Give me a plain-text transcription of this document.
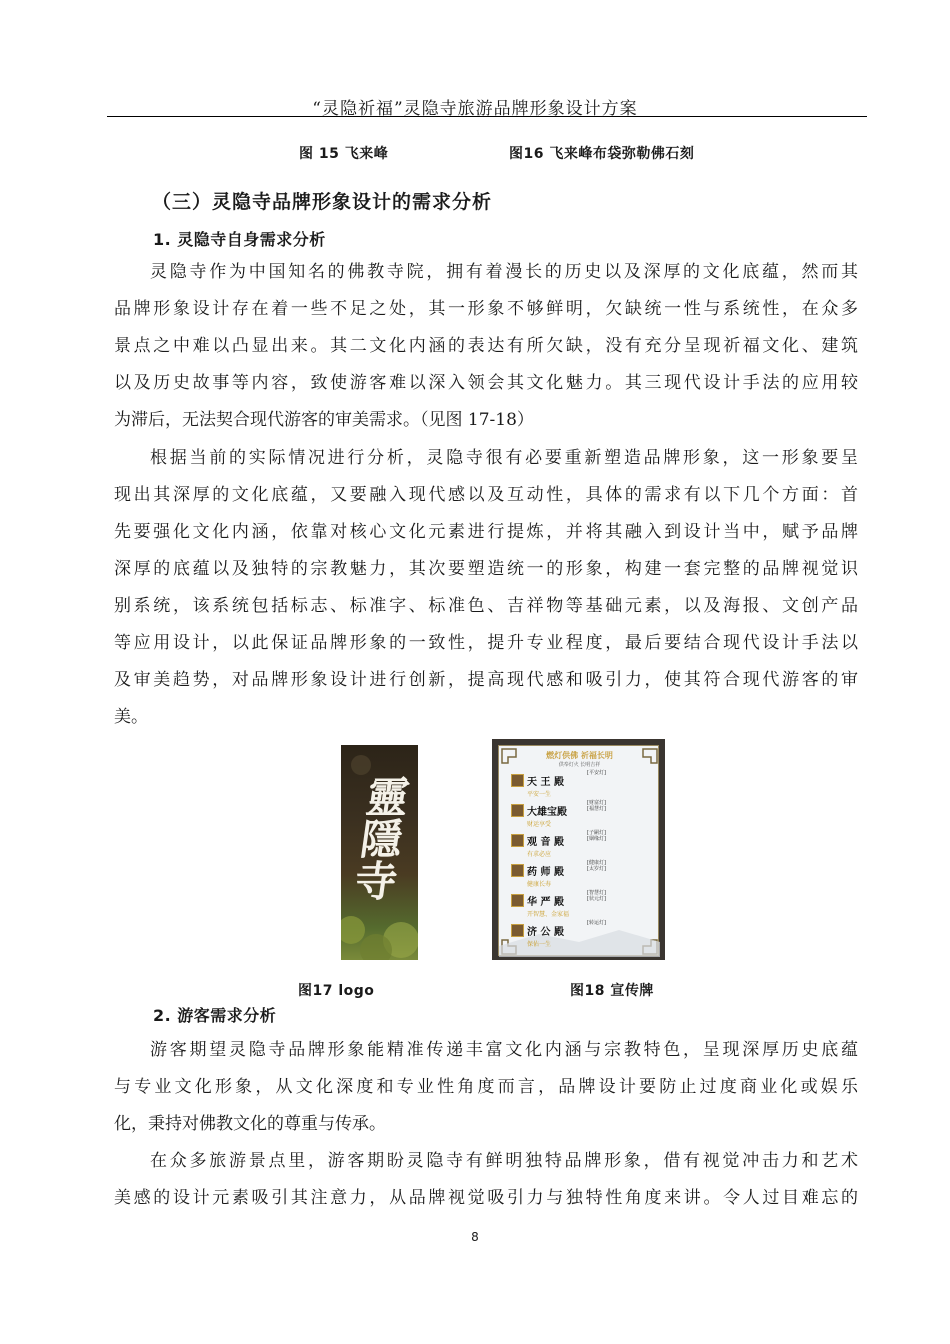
“灵隐祈福”灵隐寺旅游品牌形象设计方案
图 15 飞来峰	图16 飞来峰布袋弥勒佛石刻
（三）灵隐寺品牌形象设计的需求分析
1. 灵隐寺自身需求分析
灵隐寺作为中国知名的佛教寺院，拥有着漫长的历史以及深厚的文化底蕴，然而其
品牌形象设计存在着一些不足之处，其一形象不够鲜明，欠缺统一性与系统性，在众多
景点之中难以凸显出来。其二文化内涵的表达有所欠缺，没有充分呈现祈福文化、建筑
以及历史故事等内容，致使游客难以深入领会其文化魅力。其三现代设计手法的应用较
为滞后，无法契合现代游客的审美需求。（见图 17-18）
根据当前的实际情况进行分析，灵隐寺很有必要重新塑造品牌形象，这一形象要呈
现出其深厚的文化底蕴，又要融入现代感以及互动性，具体的需求有以下几个方面：首
先要强化文化内涵，依靠对核心文化元素进行提炼，并将其融入到设计当中，赋予品牌
深厚的底蕴以及独特的宗教魅力，其次要塑造统一的形象，构建一套完整的品牌视觉识
别系统，该系统包括标志、标准字、标准色、吉祥物等基础元素，以及海报、文创产品
等应用设计，以此保证品牌形象的一致性，提升专业程度，最后要结合现代设计手法以
及审美趋势，对品牌形象设计进行创新，提高现代感和吸引力，使其符合现代游客的审
美。
靈隱寺
燃灯供佛 祈福长明
供奉灯火 长明吉祥
天 王 殿
[平安灯]
平安一生
大雄宝殿
[财富灯]
[福慧灯]
财运享受
观 音 殿
[子嗣灯]
[姻缘灯]
有求必应
药 师 殿
[健康灯]
[太岁灯]
健康长寿
华 严 殿
[智慧灯]
[状元灯]
开智慧、金家福
济 公 殿
[转运灯]
保佑一生
图17 logo	图18 宣传牌
2. 游客需求分析
游客期望灵隐寺品牌形象能精准传递丰富文化内涵与宗教特色，呈现深厚历史底蕴
与专业文化形象，从文化深度和专业性角度而言，品牌设计要防止过度商业化或娱乐
化，秉持对佛教文化的尊重与传承。
在众多旅游景点里，游客期盼灵隐寺有鲜明独特品牌形象，借有视觉冲击力和艺术
美感的设计元素吸引其注意力，从品牌视觉吸引力与独特性角度来讲。令人过目难忘的
8
